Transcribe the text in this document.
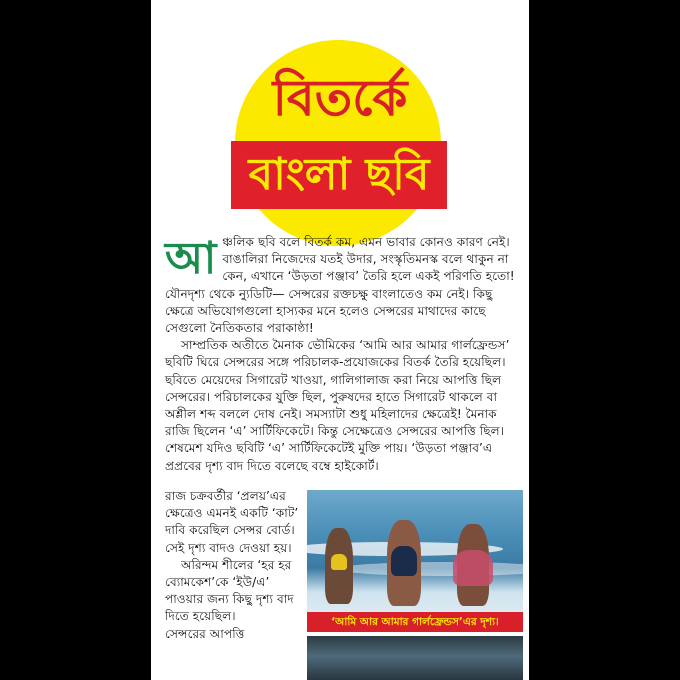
বিতর্কে
বাংলা ছবি

আঞ্চলিক ছবি বলে বিতর্ক কম, এমন ভাবার কোনও কারণ নেই। বাঙালিরা নিজেদের যতই উদার, সংস্কৃতিমনস্ক বলে থাকুন না কেন, এখানে ‘উড়তা পঞ্জাব’ তৈরি হলে একই পরিণতি হতো! যৌনদৃশ্য থেকে ন্যুডিটি— সেন্সরের রক্তচক্ষু বাংলাতেও কম নেই। কিছু ক্ষেত্রে অভিযোগগুলো হাস্যকর মনে হলেও সেন্সরের মাথাদের কাছে সেগুলো নৈতিকতার পরাকাষ্ঠা!

সাম্প্রতিক অতীতে মৈনাক ভৌমিকের ‘আমি আর আমার গার্লফ্রেন্ডস’ ছবিটি ঘিরে সেন্সরের সঙ্গে পরিচালক-প্রযোজকের বিতর্ক তৈরি হয়েছিল। ছবিতে মেয়েদের সিগারেট খাওয়া, গালিগালাজ করা নিয়ে আপত্তি ছিল সেন্সরের। পরিচালকের যুক্তি ছিল, পুরুষদের হাতে সিগারেট থাকলে বা অশ্লীল শব্দ বললে দোষ নেই। সমস্যাটা শুধু মহিলাদের ক্ষেত্রেই! মৈনাক রাজি ছিলেন ‘এ’ সার্টিফিকেটে। কিন্তু সেক্ষেত্রেও সেন্সরের আপত্তি ছিল। শেষমেশ যদিও ছবিটি ‘এ’ সার্টিফিকেটেই মুক্তি পায়। ‘উড়তা পঞ্জাব’এ প্রপ্রবের দৃশ্য বাদ দিতে বলেছে বম্বে হাইকোর্ট।

রাজ চক্রবর্তীর ‘প্রলয়’এর ক্ষেত্রেও এমনই একটি ‘কাট’ দাবি করেছিল সেন্সর বোর্ড। সেই দৃশ্য বাদও দেওয়া হয়।

অরিন্দম শীলের ‘হর হর ব্যোমকেশ’কে ‘ইউ/এ’ পাওয়ার জন্য কিছু দৃশ্য বাদ দিতে হয়েছিল।

সেন্সরের আপত্তি

‘আমি আর আমার গার্লফ্রেন্ডস’এর দৃশ্য।
